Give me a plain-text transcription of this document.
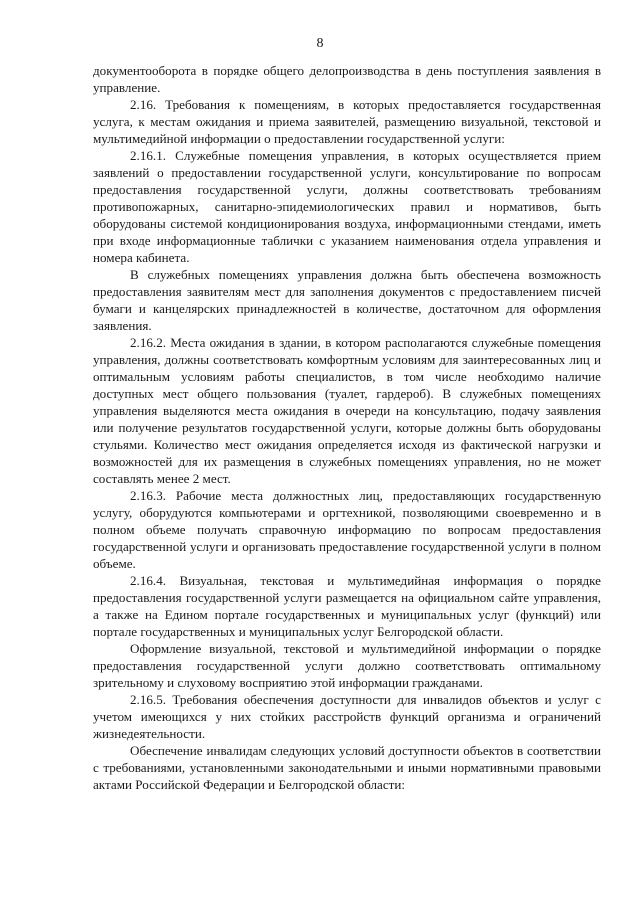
8

документооборота в порядке общего делопроизводства в день поступления заявления в управление.

2.16. Требования к помещениям, в которых предоставляется государственная услуга, к местам ожидания и приема заявителей, размещению визуальной, текстовой и мультимедийной информации о предоставлении государственной услуги:

2.16.1. Служебные помещения управления, в которых осуществляется прием заявлений о предоставлении государственной услуги, консультирование по вопросам предоставления государственной услуги, должны соответствовать требованиям противопожарных, санитарно-эпидемиологических правил и нормативов, быть оборудованы системой кондиционирования воздуха, информационными стендами, иметь при входе информационные таблички с указанием наименования отдела управления и номера кабинета.

В служебных помещениях управления должна быть обеспечена возможность предоставления заявителям мест для заполнения документов с предоставлением писчей бумаги и канцелярских принадлежностей в количестве, достаточном для оформления заявления.

2.16.2. Места ожидания в здании, в котором располагаются служебные помещения управления, должны соответствовать комфортным условиям для заинтересованных лиц и оптимальным условиям работы специалистов, в том числе необходимо наличие доступных мест общего пользования (туалет, гардероб). В служебных помещениях управления выделяются места ожидания в очереди на консультацию, подачу заявления или получение результатов государственной услуги, которые должны быть оборудованы стульями. Количество мест ожидания определяется исходя из фактической нагрузки и возможностей для их размещения в служебных помещениях управления, но не может составлять менее 2 мест.

2.16.3. Рабочие места должностных лиц, предоставляющих государственную услугу, оборудуются компьютерами и оргтехникой, позволяющими своевременно и в полном объеме получать справочную информацию по вопросам предоставления государственной услуги и организовать предоставление государственной услуги в полном объеме.

2.16.4. Визуальная, текстовая и мультимедийная информация о порядке предоставления государственной услуги размещается на официальном сайте управления, а также на Едином портале государственных и муниципальных услуг (функций) или портале государственных и муниципальных услуг Белгородской области.

Оформление визуальной, текстовой и мультимедийной информации о порядке предоставления государственной услуги должно соответствовать оптимальному зрительному и слуховому восприятию этой информации гражданами.

2.16.5. Требования обеспечения доступности для инвалидов объектов и услуг с учетом имеющихся у них стойких расстройств функций организма и ограничений жизнедеятельности.

Обеспечение инвалидам следующих условий доступности объектов в соответствии с требованиями, установленными законодательными и иными нормативными правовыми актами Российской Федерации и Белгородской области:
